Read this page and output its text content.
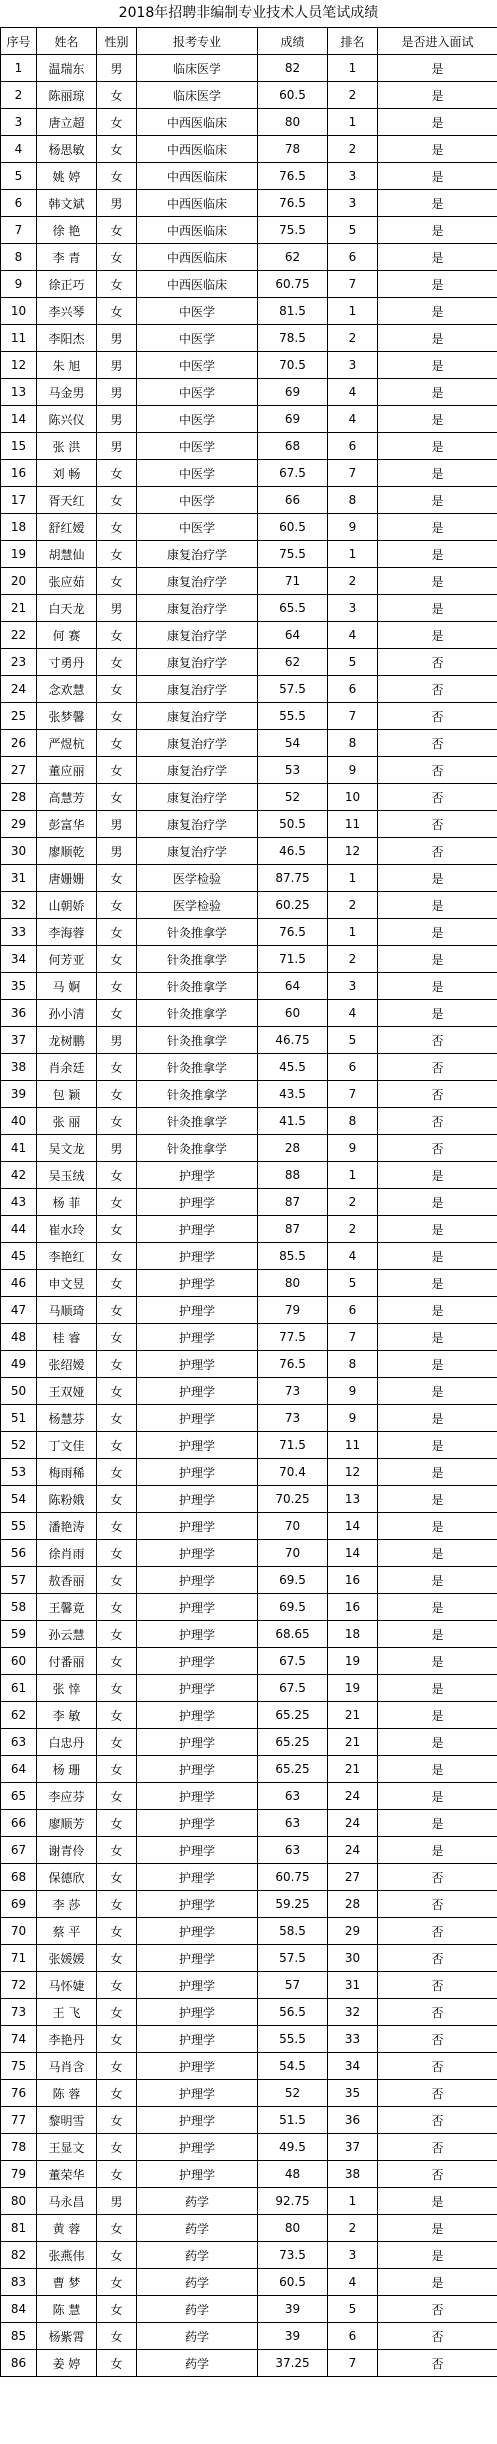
2018年招聘非编制专业技术人员笔试成绩
序号	姓名	性别	报考专业	成绩	排名	是否进入面试
1	温瑞东	男	临床医学	82	1	是
2	陈丽琼	女	临床医学	60.5	2	是
3	唐立超	女	中西医临床	80	1	是
4	杨思敏	女	中西医临床	78	2	是
5	姚 婷	女	中西医临床	76.5	3	是
6	韩文斌	男	中西医临床	76.5	3	是
7	徐 艳	女	中西医临床	75.5	5	是
8	李 青	女	中西医临床	62	6	是
9	徐正巧	女	中西医临床	60.75	7	是
10	李兴琴	女	中医学	81.5	1	是
11	李阳杰	男	中医学	78.5	2	是
12	朱 旭	男	中医学	70.5	3	是
13	马金男	男	中医学	69	4	是
14	陈兴仪	男	中医学	69	4	是
15	张 洪	男	中医学	68	6	是
16	刘 畅	女	中医学	67.5	7	是
17	胥天红	女	中医学	66	8	是
18	舒红嫒	女	中医学	60.5	9	是
19	胡慧仙	女	康复治疗学	75.5	1	是
20	张应茹	女	康复治疗学	71	2	是
21	白天龙	男	康复治疗学	65.5	3	是
22	何 赛	女	康复治疗学	64	4	是
23	寸勇丹	女	康复治疗学	62	5	否
24	念欢慧	女	康复治疗学	57.5	6	否
25	张梦馨	女	康复治疗学	55.5	7	否
26	严煜杭	女	康复治疗学	54	8	否
27	董应丽	女	康复治疗学	53	9	否
28	高慧芳	女	康复治疗学	52	10	否
29	彭富华	男	康复治疗学	50.5	11	否
30	廖顺乾	男	康复治疗学	46.5	12	否
31	唐姗姗	女	医学检验	87.75	1	是
32	山朝娇	女	医学检验	60.25	2	是
33	李海蓉	女	针灸推拿学	76.5	1	是
34	何芳亚	女	针灸推拿学	71.5	2	是
35	马 婀	女	针灸推拿学	64	3	是
36	孙小清	女	针灸推拿学	60	4	是
37	龙树鹏	男	针灸推拿学	46.75	5	否
38	肖余廷	女	针灸推拿学	45.5	6	否
39	包 颖	女	针灸推拿学	43.5	7	否
40	张 丽	女	针灸推拿学	41.5	8	否
41	吴文龙	男	针灸推拿学	28	9	否
42	吴玉绒	女	护理学	88	1	是
43	杨 菲	女	护理学	87	2	是
44	崔水玲	女	护理学	87	2	是
45	李艳红	女	护理学	85.5	4	是
46	申文昱	女	护理学	80	5	是
47	马顺琦	女	护理学	79	6	是
48	桂 睿	女	护理学	77.5	7	是
49	张绍嫒	女	护理学	76.5	8	是
50	王双娅	女	护理学	73	9	是
51	杨慧芬	女	护理学	73	9	是
52	丁文佳	女	护理学	71.5	11	是
53	梅雨稀	女	护理学	70.4	12	是
54	陈粉娥	女	护理学	70.25	13	是
55	潘艳涛	女	护理学	70	14	是
56	徐肖雨	女	护理学	70	14	是
57	敖香丽	女	护理学	69.5	16	是
58	王馨竟	女	护理学	69.5	16	是
59	孙云慧	女	护理学	68.65	18	是
60	付番丽	女	护理学	67.5	19	是
61	张 悻	女	护理学	67.5	19	是
62	李 敏	女	护理学	65.25	21	是
63	白忠丹	女	护理学	65.25	21	是
64	杨 珊	女	护理学	65.25	21	是
65	李应芬	女	护理学	63	24	是
66	廖顺芳	女	护理学	63	24	是
67	谢青伶	女	护理学	63	24	是
68	保德欣	女	护理学	60.75	27	否
69	李 莎	女	护理学	59.25	28	否
70	蔡 平	女	护理学	58.5	29	否
71	张媛媛	女	护理学	57.5	30	否
72	马怀婕	女	护理学	57	31	否
73	王 飞	女	护理学	56.5	32	否
74	李艳丹	女	护理学	55.5	33	否
75	马肖含	女	护理学	54.5	34	否
76	陈 蓉	女	护理学	52	35	否
77	黎明雪	女	护理学	51.5	36	否
78	王显文	女	护理学	49.5	37	否
79	董荣华	女	护理学	48	38	否
80	马永昌	男	药学	92.75	1	是
81	黄 蓉	女	药学	80	2	是
82	张燕伟	女	药学	73.5	3	是
83	曹 梦	女	药学	60.5	4	是
84	陈 慧	女	药学	39	5	否
85	杨紫霄	女	药学	39	6	否
86	姜 婷	女	药学	37.25	7	否
